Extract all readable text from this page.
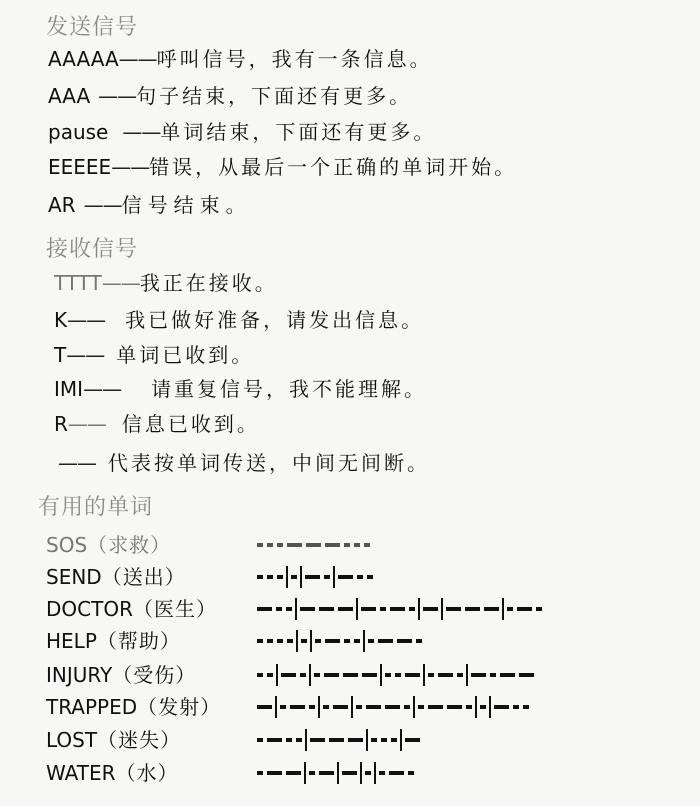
发送信号
AAAAA——呼叫信号，我有一条信息。
AAA ——句子结束，下面还有更多。
pause ——单词结束，下面还有更多。
EEEEE——错误，从最后一个正确的单词开始。
AR ——信号结束。
接收信号
TTTT——我正在接收。
K—— 我已做好准备，请发出信息。
T—— 单词已收到。
IMI—— 请重复信号，我不能理解。
R—— 信息已收到。
—— 代表按单词传送，中间无间断。
有用的单词
SOS（求救）
SEND（送出）
DOCTOR（医生）
HELP（帮助）
INJURY（受伤）
TRAPPED（发射）
LOST（迷失）
WATER（水）
